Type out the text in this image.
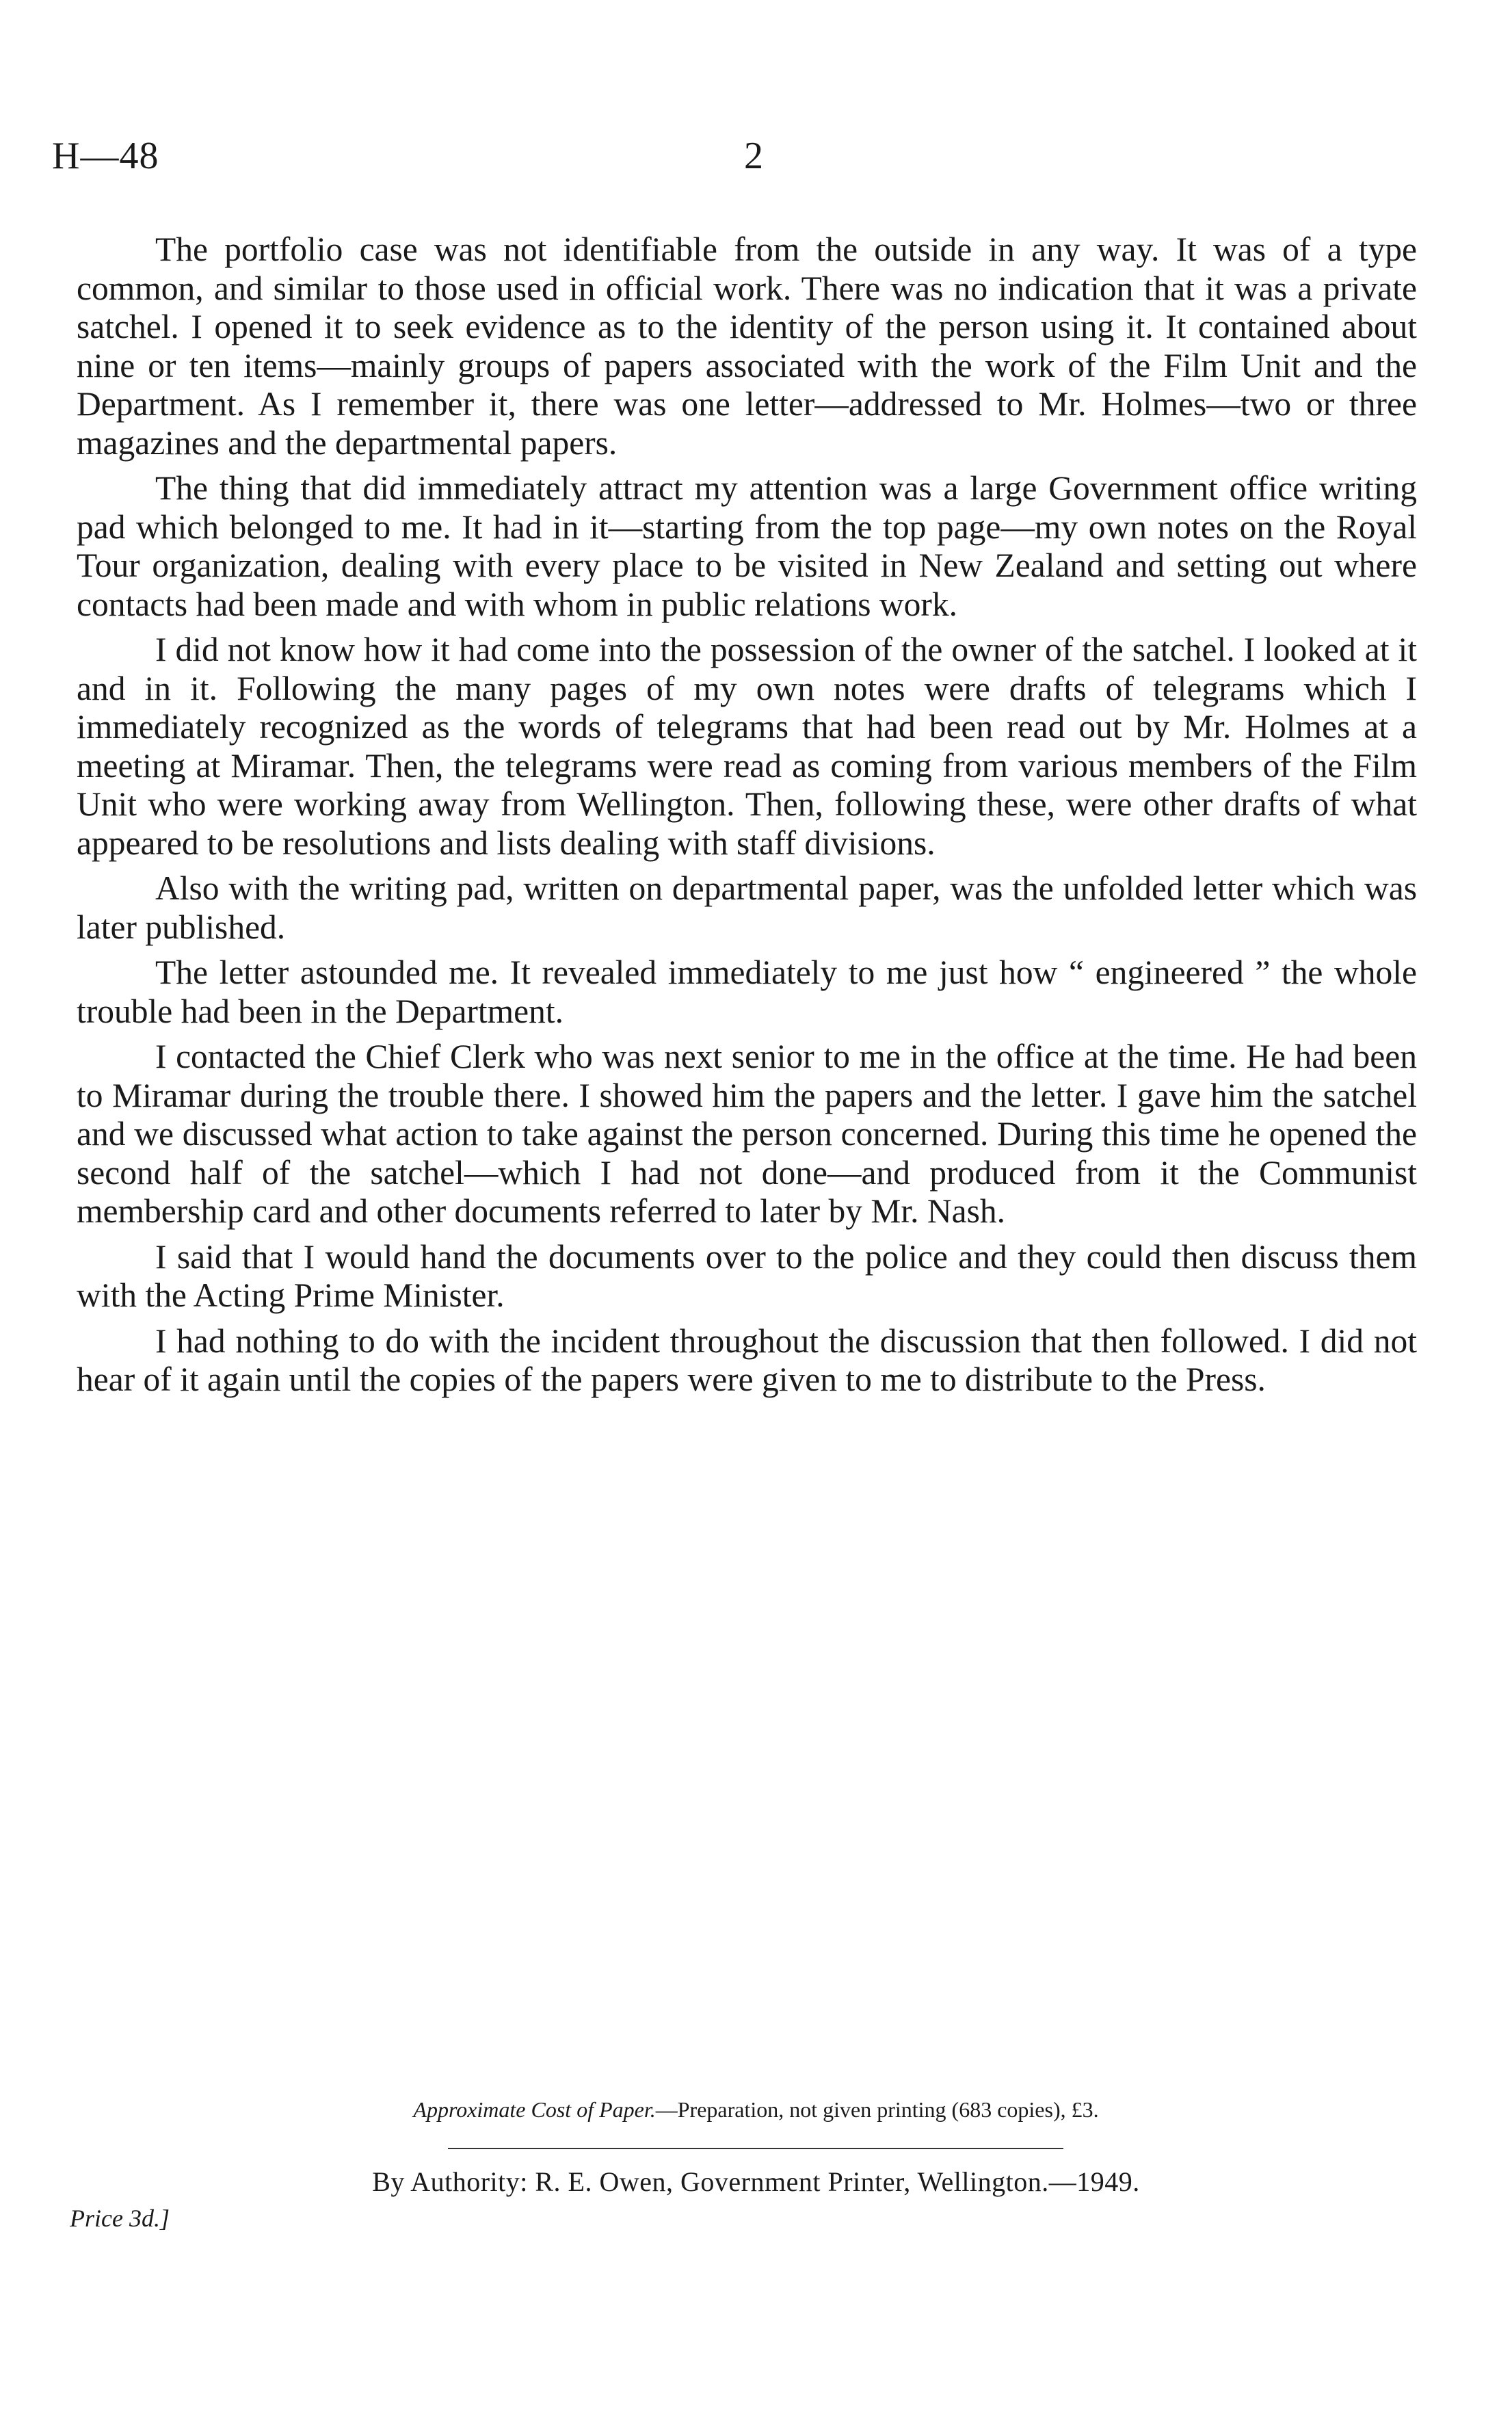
H—48	2

The portfolio case was not identifiable from the outside in any way. It was of a type common, and similar to those used in official work. There was no indication that it was a private satchel. I opened it to seek evidence as to the identity of the person using it. It contained about nine or ten items—mainly groups of papers associated with the work of the Film Unit and the Department. As I remember it, there was one letter—addressed to Mr. Holmes—two or three magazines and the departmental papers.

The thing that did immediately attract my attention was a large Government office writing pad which belonged to me. It had in it—starting from the top page—my own notes on the Royal Tour organization, dealing with every place to be visited in New Zealand and setting out where contacts had been made and with whom in public relations work.

I did not know how it had come into the possession of the owner of the satchel. I looked at it and in it. Following the many pages of my own notes were drafts of telegrams which I immediately recognized as the words of telegrams that had been read out by Mr. Holmes at a meeting at Miramar. Then, the telegrams were read as coming from various members of the Film Unit who were working away from Wellington. Then, following these, were other drafts of what appeared to be resolutions and lists dealing with staff divisions.

Also with the writing pad, written on departmental paper, was the unfolded letter which was later published.

The letter astounded me. It revealed immediately to me just how “ engineered ” the whole trouble had been in the Department.

I contacted the Chief Clerk who was next senior to me in the office at the time. He had been to Miramar during the trouble there. I showed him the papers and the letter. I gave him the satchel and we discussed what action to take against the person concerned. During this time he opened the second half of the satchel—which I had not done—and produced from it the Communist membership card and other documents referred to later by Mr. Nash.

I said that I would hand the documents over to the police and they could then discuss them with the Acting Prime Minister.

I had nothing to do with the incident throughout the discussion that then followed. I did not hear of it again until the copies of the papers were given to me to distribute to the Press.

Approximate Cost of Paper.—Preparation, not given printing (683 copies), £3.
By Authority: R. E. Owen, Government Printer, Wellington.—1949.
Price 3d.]
